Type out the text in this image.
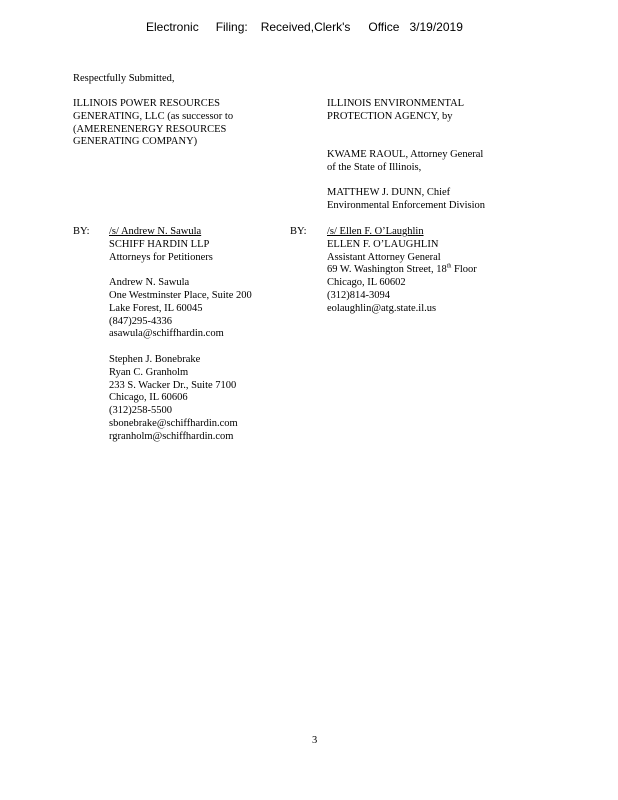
Electronic Filing: Received,Clerk's Office 3/19/2019
Respectfully Submitted,
ILLINOIS POWER RESOURCES
GENERATING, LLC (as successor to
(AMERENENERGY RESOURCES
GENERATING COMPANY)
ILLINOIS ENVIRONMENTAL
PROTECTION AGENCY, by
KWAME RAOUL, Attorney General
of the State of Illinois,
MATTHEW J. DUNN, Chief
Environmental Enforcement Division
BY: /s/ Andrew N. Sawula
SCHIFF HARDIN LLP
Attorneys for Petitioners
Andrew N. Sawula
One Westminster Place, Suite 200
Lake Forest, IL 60045
(847)295-4336
asawula@schiffhardin.com
Stephen J. Bonebrake
Ryan C. Granholm
233 S. Wacker Dr., Suite 7100
Chicago, IL 60606
(312)258-5500
sbonebrake@schiffhardin.com
rgranholm@schiffhardin.com
BY: /s/ Ellen F. O’Laughlin
ELLEN F. O’LAUGHLIN
Assistant Attorney General
69 W. Washington Street, 18th Floor
Chicago, IL 60602
(312)814-3094
eolaughlin@atg.state.il.us
3
